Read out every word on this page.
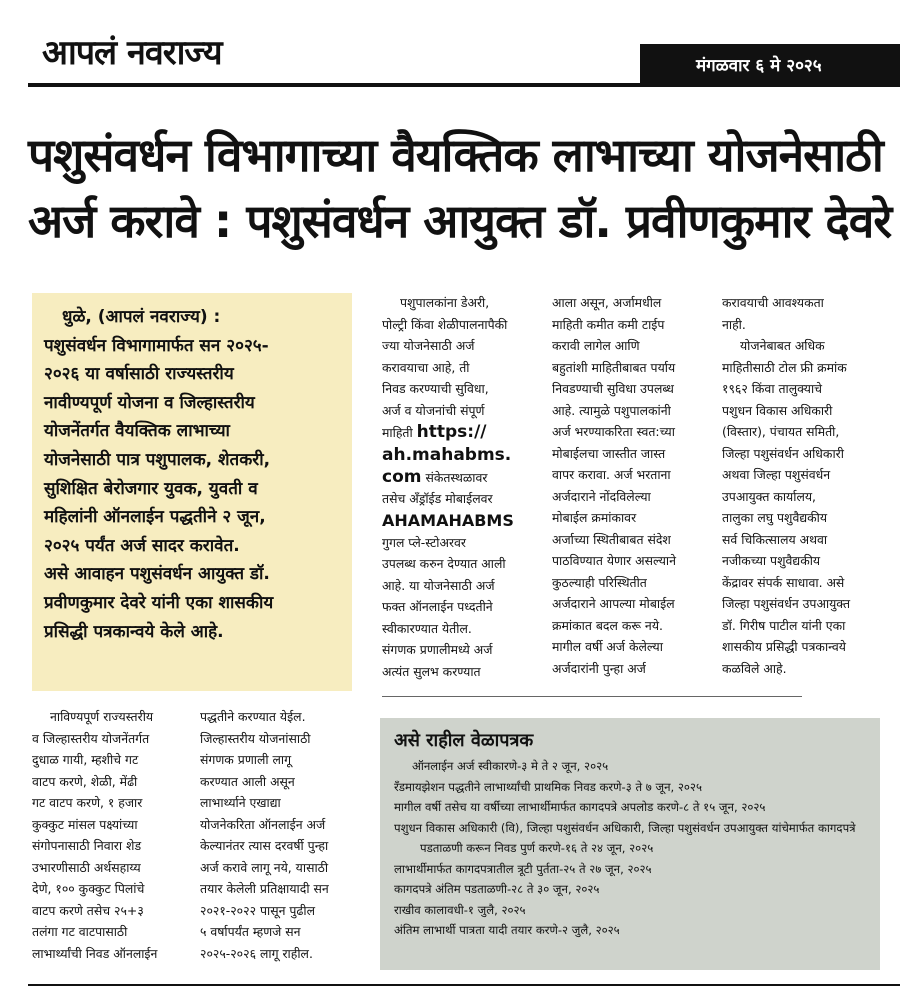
आपलं नवराज्य	मंगळवार ६ मे २०२५
पशुसंवर्धन विभागाच्या वैयक्तिक लाभाच्या योजनेसाठी
अर्ज करावे : पशुसंवर्धन आयुक्त डॉ. प्रवीणकुमार देवरे

धुळे, (आपलं नवराज्य) :

पशुसंवर्धन विभागामार्फत सन २०२५-

२०२६ या वर्षासाठी राज्यस्तरीय

नावीण्यपूर्ण योजना व जिल्हास्तरीय

योजनेंतर्गत वैयक्तिक लाभाच्या

योजनेसाठी पात्र पशुपालक, शेतकरी,

सुशिक्षित बेरोजगार युवक, युवती व

महिलांनी ऑनलाईन पद्धतीने २ जून,

२०२५ पर्यंत अर्ज सादर करावेत.

असे आवाहन पशुसंवर्धन आयुक्त डॉ.

प्रवीणकुमार देवरे यांनी एका शासकीय

प्रसिद्धी पत्रकान्वये केले आहे.

पशुपालकांना डेअरी,

पोल्ट्री किंवा शेळीपालनापैकी

ज्या योजनेसाठी अर्ज

करावयाचा आहे, ती

निवड करण्याची सुविधा,

अर्ज व योजनांची संपूर्ण

माहिती https://

ah.mahabms.

com संकेतस्थळावर

तसेच ॲंड्रॉईड मोबाईलवर

AHAMAHABMS

गुगल प्ले-स्टोअरवर

उपलब्ध करुन देण्यात आली

आहे. या योजनेसाठी अर्ज

फक्त ऑनलाईन पध्दतीने

स्वीकारण्यात येतील.

संगणक प्रणालीमध्ये अर्ज

अत्यंत सुलभ करण्यात

आला असून, अर्जामधील

माहिती कमीत कमी टाईप

करावी लागेल आणि

बहुतांशी माहितीबाबत पर्याय

निवडण्याची सुविधा उपलब्ध

आहे. त्यामुळे पशुपालकांनी

अर्ज भरण्याकरिता स्वत:च्या

मोबाईलचा जास्तीत जास्त

वापर करावा. अर्ज भरताना

अर्जदाराने नोंदविलेल्या

मोबाईल क्रमांकावर

अर्जाच्या स्थितीबाबत संदेश

पाठविण्यात येणार असल्याने

कुठल्याही परिस्थितीत

अर्जदाराने आपल्या मोबाईल

क्रमांकात बदल करू नये.

मागील वर्षी अर्ज केलेल्या

अर्जदारांनी पुन्हा अर्ज

करावयाची आवश्यकता

नाही.

योजनेबाबत अधिक

माहितीसाठी टोल फ्री क्रमांक

१९६२ किंवा तालुक्याचे

पशुधन विकास अधिकारी

(विस्तार), पंचायत समिती,

जिल्हा पशुसंवर्धन अधिकारी

अथवा जिल्हा पशुसंवर्धन

उपआयुक्त कार्यालय,

तालुका लघु पशुवैद्यकीय

सर्व चिकित्सालय अथवा

नजीकच्या पशुवैद्यकीय

केंद्रावर संपर्क साधावा. असे

जिल्हा पशुसंवर्धन उपआयुक्त

डॉ. गिरीष पाटील यांनी एका

शासकीय प्रसिद्धी पत्रकान्वये

कळविले आहे.

नाविण्यपूर्ण राज्यस्तरीय

व जिल्हास्तरीय योजनेंतर्गत

दुधाळ गायी, म्हशीचे गट

वाटप करणे, शेळी, मेंढी

गट वाटप करणे, १ हजार

कुक्कुट मांसल पक्ष्यांच्या

संगोपनासाठी निवारा शेड

उभारणीसाठी अर्थसहाय्य

देणे, १०० कुक्कुट पिलांचे

वाटप करणे तसेच २५+३

तलंगा गट वाटपासाठी

लाभार्थ्यांची निवड ऑनलाईन

पद्धतीने करण्यात येईल.

जिल्हास्तरीय योजनांसाठी

संगणक प्रणाली लागू

करण्यात आली असून

लाभार्थ्याने एखाद्या

योजनेकरिता ऑनलाईन अर्ज

केल्यानंतर त्यास दरवर्षी पुन्हा

अर्ज करावे लागू नये, यासाठी

तयार केलेली प्रतिक्षायादी सन

२०२१-२०२२ पासून पुढील

५ वर्षापर्यंत म्हणजे सन

२०२५-२०२६ लागू राहील.

असे राहील वेळापत्रक
ऑनलाईन अर्ज स्वीकारणे-३ मे ते २ जून, २०२५
रॅंडमायझेशन पद्धतीने लाभार्थ्यांची प्राथमिक निवड करणे-३ ते ७ जून, २०२५
मागील वर्षी तसेच या वर्षीच्या लाभार्थीमार्फत कागदपत्रे अपलोड करणे-८ ते १५ जून, २०२५
पशुधन विकास अधिकारी (वि), जिल्हा पशुसंवर्धन अधिकारी, जिल्हा पशुसंवर्धन उपआयुक्त यांचेमार्फत कागदपत्रे पडताळणी करून निवड पुर्ण करणे-१६ ते २४ जून, २०२५
लाभार्थीमार्फत कागदपत्रातील त्रूटी पुर्तता-२५ ते २७ जून, २०२५
कागदपत्रे अंतिम पडताळणी-२८ ते ३० जून, २०२५
राखीव कालावधी-१ जुलै, २०२५
अंतिम लाभार्थी पात्रता यादी तयार करणे-२ जुलै, २०२५
